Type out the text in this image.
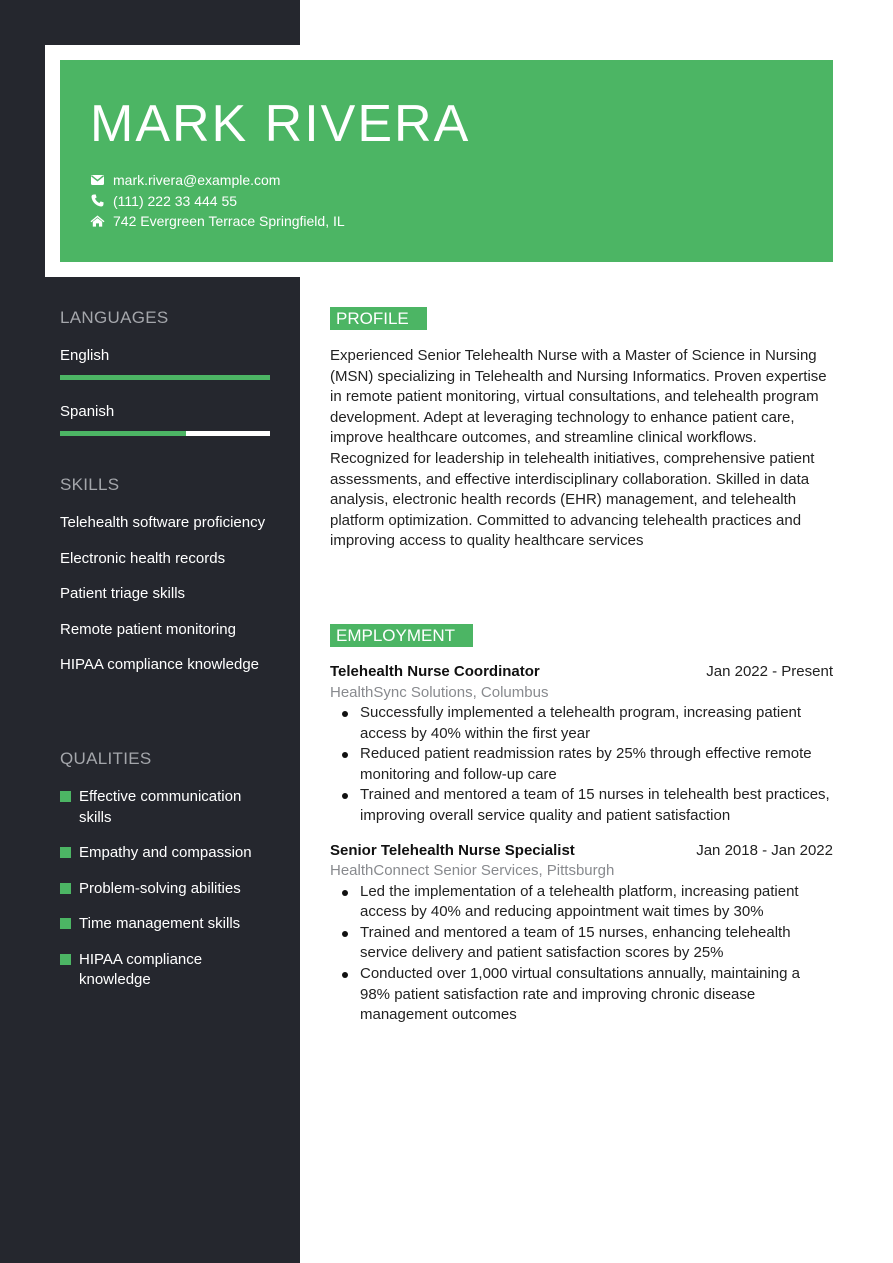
MARK RIVERA
mark.rivera@example.com
(111) 222 33 444 55
742 Evergreen Terrace Springfield, IL
LANGUAGES
English
Spanish
SKILLS
Telehealth software proficiency
Electronic health records
Patient triage skills
Remote patient monitoring
HIPAA compliance knowledge
QUALITIES
Effective communication skills
Empathy and compassion
Problem-solving abilities
Time management skills
HIPAA compliance knowledge
PROFILE

Experienced Senior Telehealth Nurse with a Master of Science in Nursing (MSN) specializing in Telehealth and Nursing Informatics. Proven expertise in remote patient monitoring, virtual consultations, and telehealth program development. Adept at leveraging technology to enhance patient care, improve healthcare outcomes, and streamline clinical workflows. Recognized for leadership in telehealth initiatives, comprehensive patient assessments, and effective interdisciplinary collaboration. Skilled in data analysis, electronic health records (EHR) management, and telehealth platform optimization. Committed to advancing telehealth practices and improving access to quality healthcare services

EMPLOYMENT
Telehealth Nurse Coordinator	Jan 2022 - Present
HealthSync Solutions, Columbus
Successfully implemented a telehealth program, increasing patient access by 40% within the first year
Reduced patient readmission rates by 25% through effective remote monitoring and follow-up care
Trained and mentored a team of 15 nurses in telehealth best practices, improving overall service quality and patient satisfaction
Senior Telehealth Nurse Specialist	Jan 2018 - Jan 2022
HealthConnect Senior Services, Pittsburgh
Led the implementation of a telehealth platform, increasing patient access by 40% and reducing appointment wait times by 30%
Trained and mentored a team of 15 nurses, enhancing telehealth service delivery and patient satisfaction scores by 25%
Conducted over 1,000 virtual consultations annually, maintaining a 98% patient satisfaction rate and improving chronic disease management outcomes
